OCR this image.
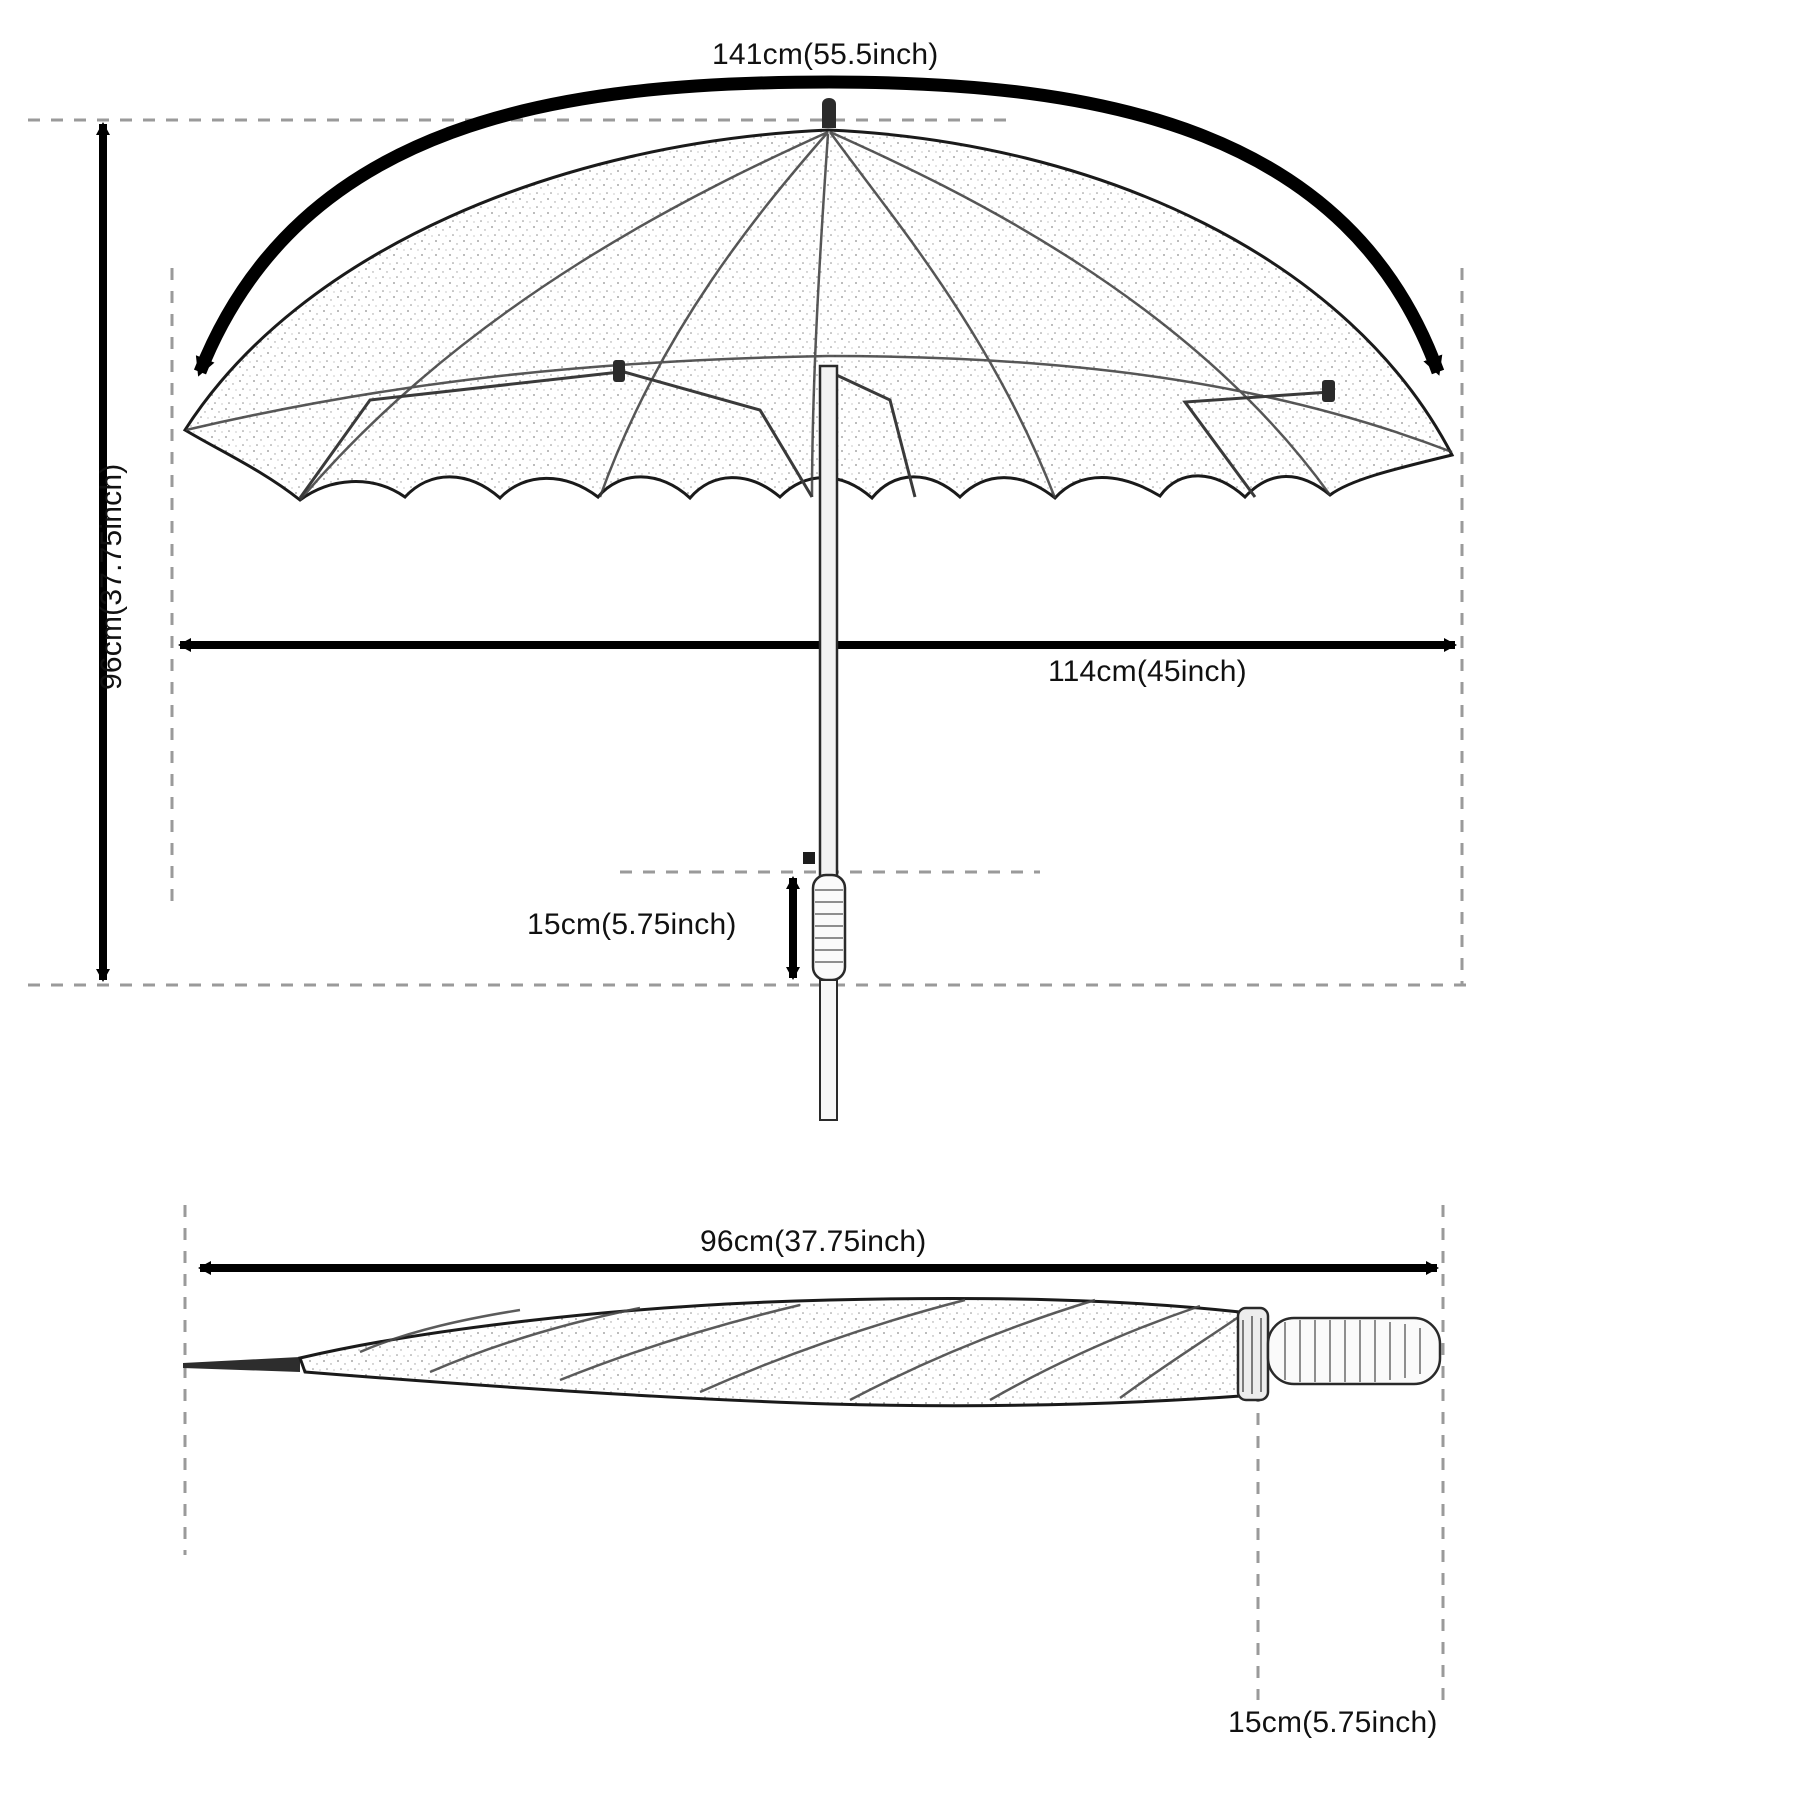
141cm(55.5inch)
96cm(37.75inch)	114cm(45inch)
15cm(5.75inch)
96cm(37.75inch)
15cm(5.75inch)
